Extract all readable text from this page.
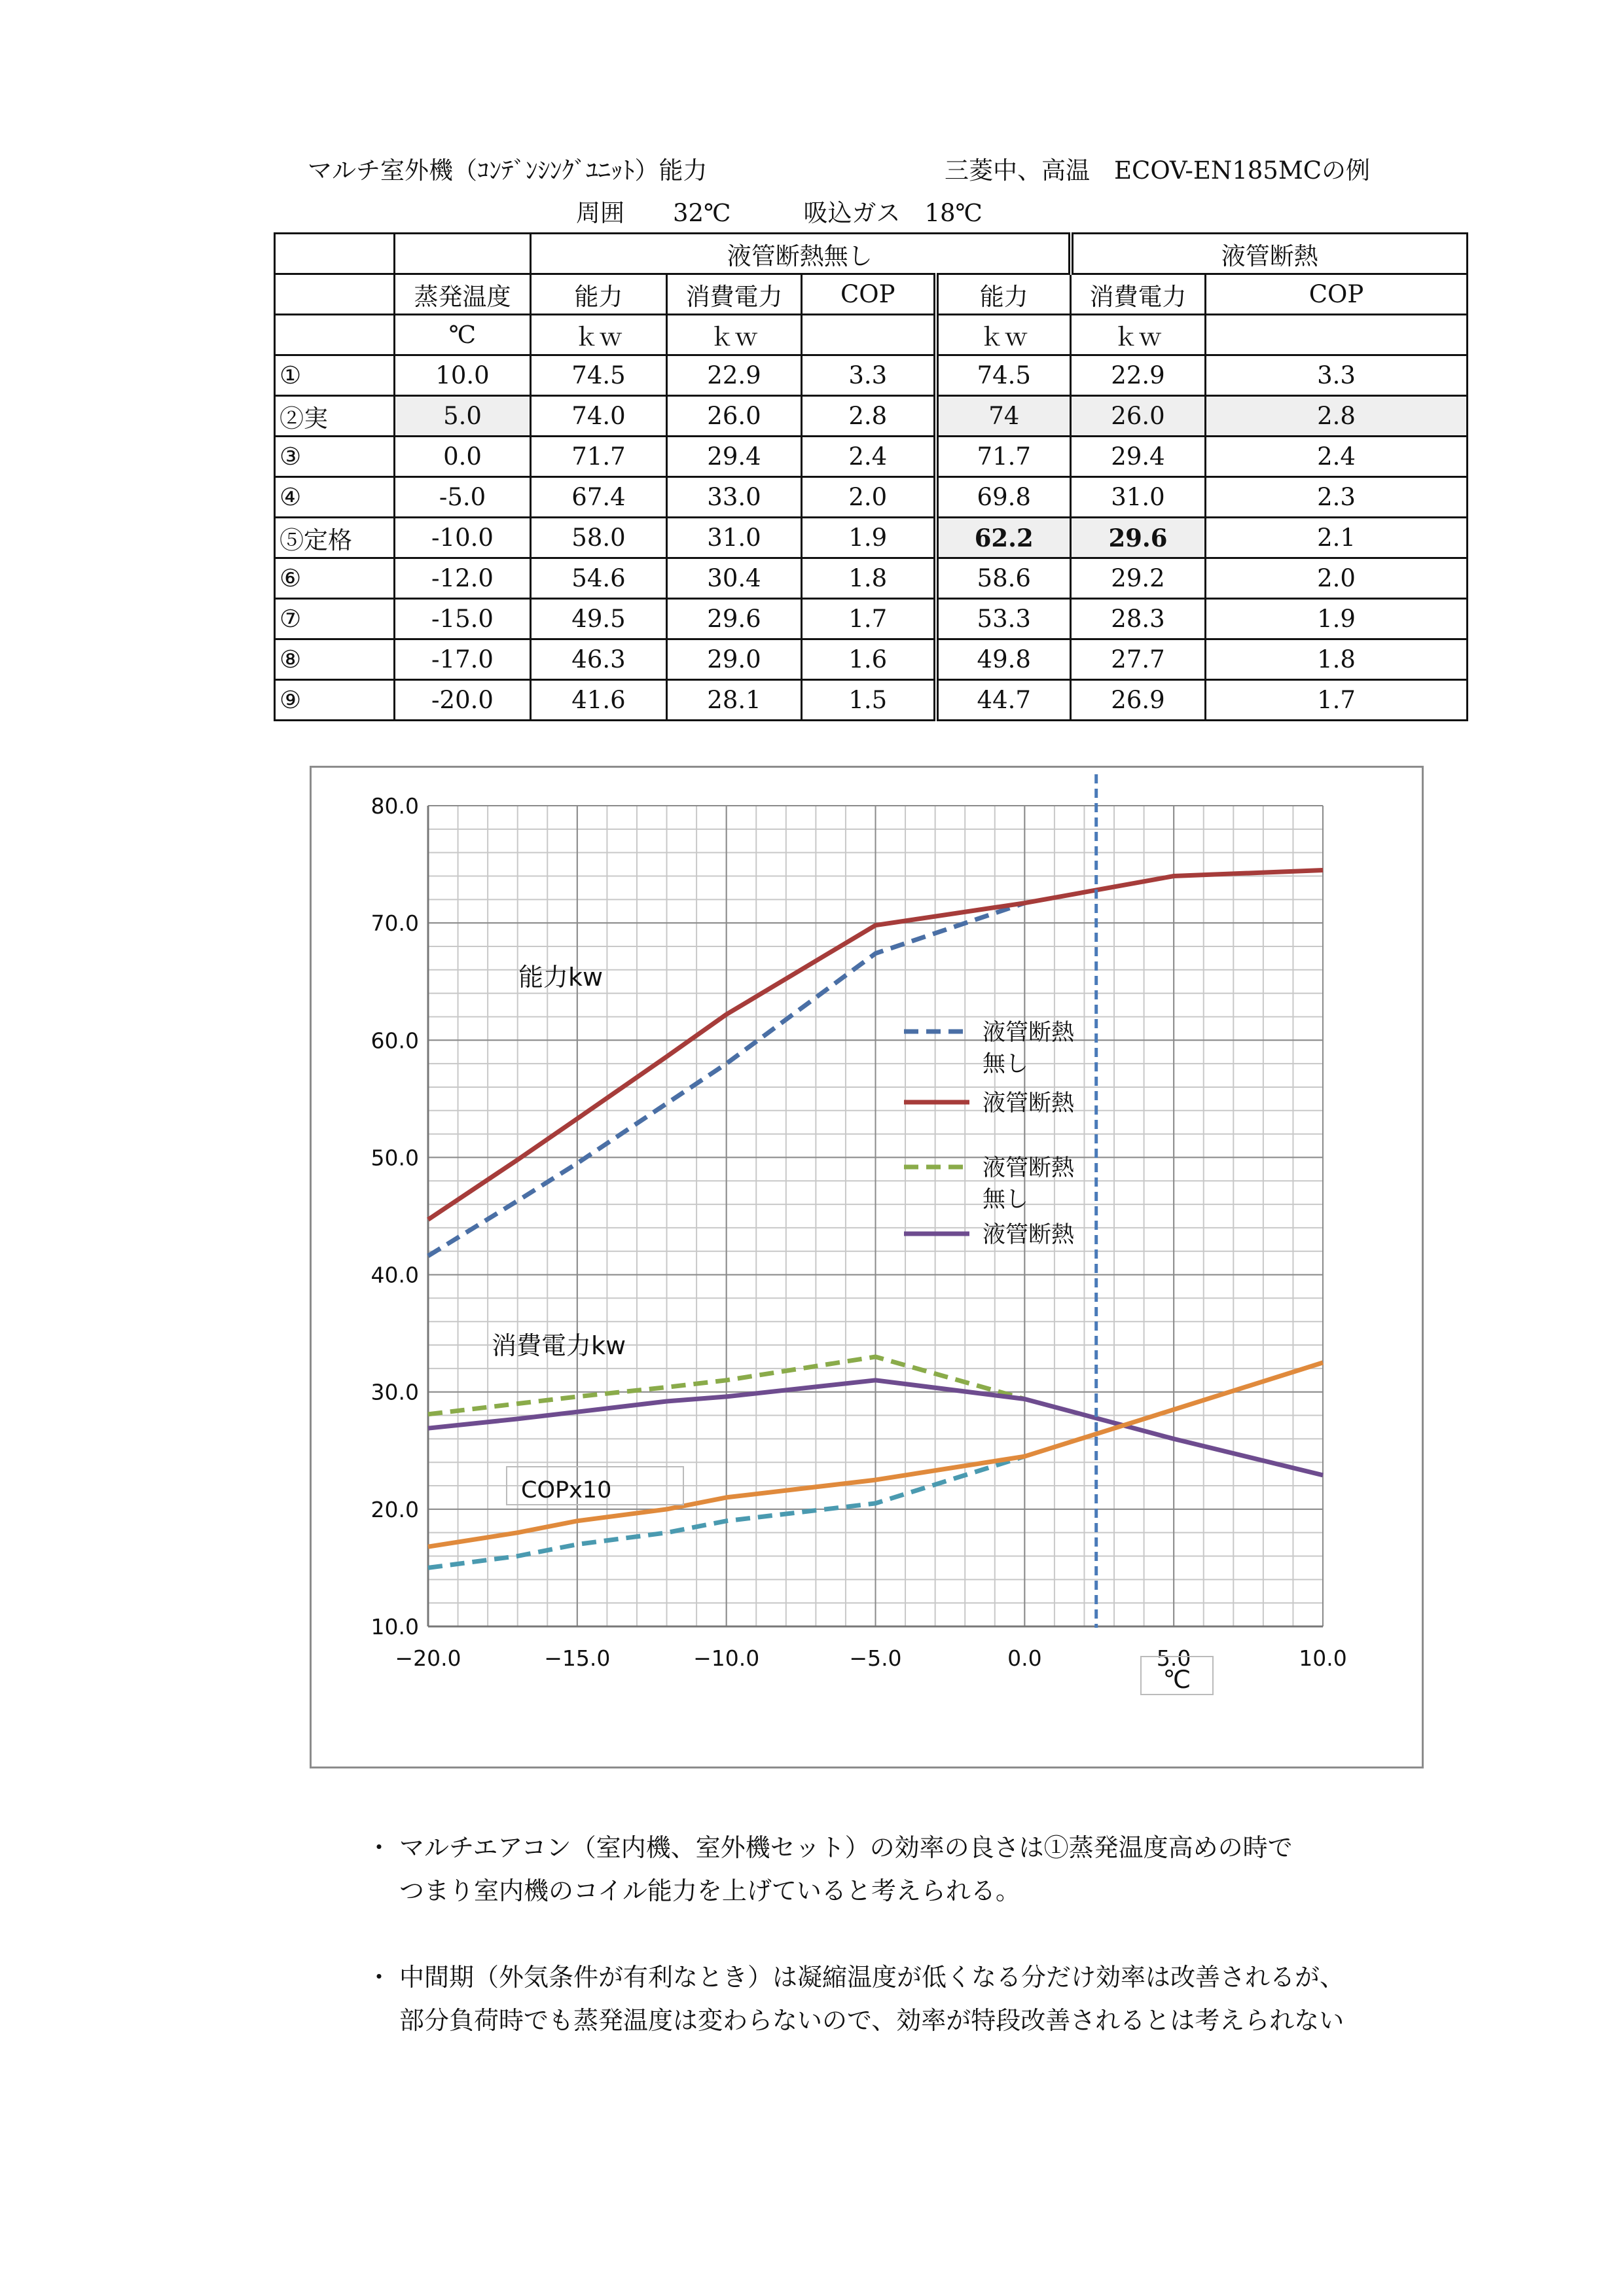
マルチ室外機（ｺﾝﾃﾞﾝｼﾝｸﾞﾕﾆｯﾄ）能力	三菱中、高温　ECOV-EN185MCの例
周囲　　32℃　　　吸込ガス　18℃
		液管断熱無し				液管断熱	
	蒸発温度	能力	消費電力	COP	能力	消費電力	COP
	℃	ｋｗ	ｋｗ		ｋｗ	ｋｗ	
①	10.0	74.5	22.9	3.3	74.5	22.9	3.3
②実	5.0	74.0	26.0	2.8	74	26.0	2.8
③	0.0	71.7	29.4	2.4	71.7	29.4	2.4
④	-5.0	67.4	33.0	2.0	69.8	31.0	2.3
⑤定格	-10.0	58.0	31.0	1.9	62.2	29.6	2.1
⑥	-12.0	54.6	30.4	1.8	58.6	29.2	2.0
⑦	-15.0	49.5	29.6	1.7	53.3	28.3	1.9
⑧	-17.0	46.3	29.0	1.6	49.8	27.7	1.8
⑨	-20.0	41.6	28.1	1.5	44.7	26.9	1.7
10.0
20.0
30.0
40.0
50.0
60.0
70.0
80.0
−20.0	−15.0	−10.0	−5.0	0.0	5.0	10.0
能力kw
消費電力kw
COPx10
℃
液管断熱無し
液管断熱
液管断熱無し
液管断熱
・ マルチエアコン（室内機、室外機セット）の効率の良さは①蒸発温度高めの時で
つまり室内機のコイル能力を上げていると考えられる。
・ 中間期（外気条件が有利なとき）は凝縮温度が低くなる分だけ効率は改善されるが、
部分負荷時でも蒸発温度は変わらないので、効率が特段改善されるとは考えられない
